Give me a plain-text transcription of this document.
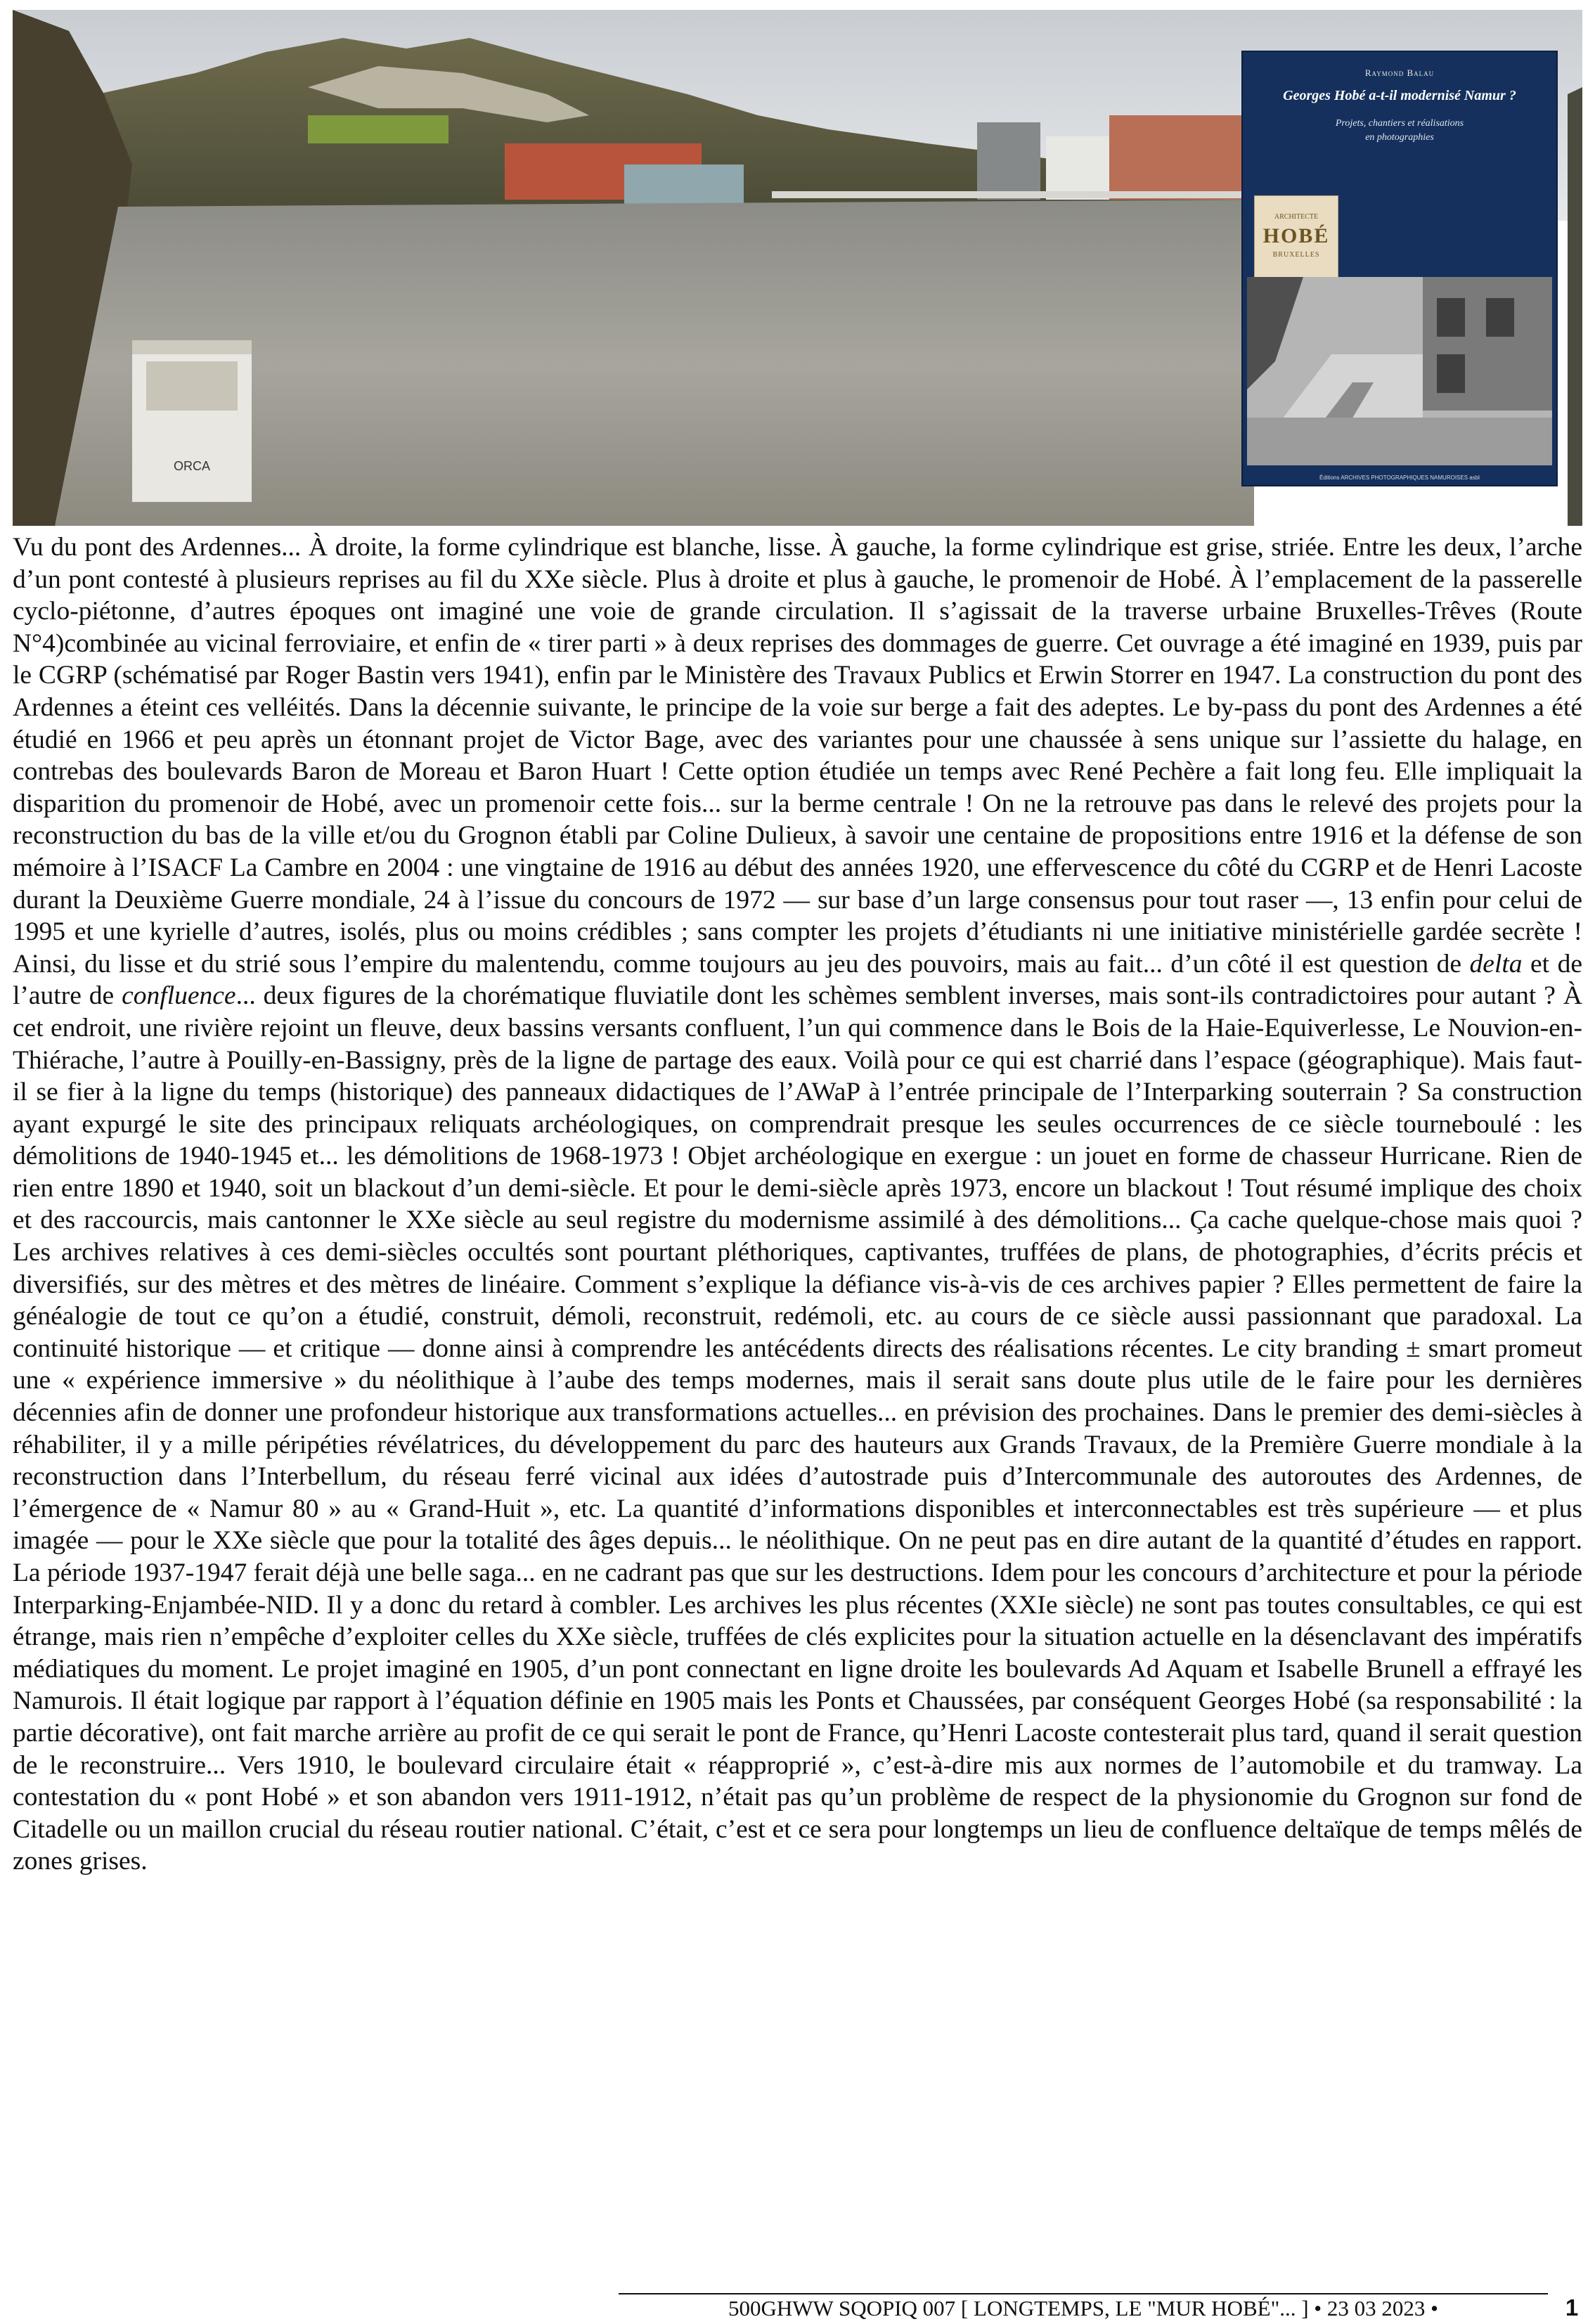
ORCA
Raymond Balau
Georges Hobé a-t-il modernisé Namur ?
Projets, chantiers et réalisations
en photographies
ARCHITECTE
HOBÉ
BRUXELLES
Éditions ARCHIVES PHOTOGRAPHIQUES NAMUROISES asbl

Vu du pont des Ardennes... À droite, la forme cylindrique est blanche, lisse. À gauche, la forme cylindrique est grise, striée. Entre les deux, l’arche d’un pont contesté à plusieurs reprises au fil du XXe siècle. Plus à droite et plus à gauche, le promenoir de Hobé. À l’emplacement de la passerelle cyclo-piétonne, d’autres époques ont imaginé une voie de grande circulation. Il s’agissait de la traverse urbaine Bruxelles-Trêves (Route N°4)combinée au vicinal ferroviaire, et enfin de « tirer parti » à deux reprises des dommages de guerre. Cet ouvrage a été imaginé en 1939, puis par le CGRP (schématisé par Roger Bastin vers 1941), enfin par le Ministère des Travaux Publics et Erwin Storrer en 1947. La construction du pont des Ardennes a éteint ces velléités. Dans la décennie suivante, le principe de la voie sur berge a fait des adeptes. Le by-pass du pont des Ardennes a été étudié en 1966 et peu après un étonnant projet de Victor Bage, avec des variantes pour une chaussée à sens unique sur l’assiette du halage, en contrebas des boulevards Baron de Moreau et Baron Huart ! Cette option étudiée un temps avec René Pechère a fait long feu. Elle impliquait la disparition du promenoir de Hobé, avec un promenoir cette fois... sur la berme centrale ! On ne la retrouve pas dans le relevé des projets pour la reconstruction du bas de la ville et/ou du Grognon établi par Coline Dulieux, à savoir une centaine de propositions entre 1916 et la défense de son mémoire à l’ISACF La Cambre en 2004 : une vingtaine de 1916 au début des années 1920, une effervescence du côté du CGRP et de Henri Lacoste durant la Deuxième Guerre mondiale, 24 à l’issue du concours de 1972 — sur base d’un large consensus pour tout raser —, 13 enfin pour celui de 1995 et une kyrielle d’autres, isolés, plus ou moins crédibles ; sans compter les projets d’étudiants ni une initiative ministérielle gardée secrète ! Ainsi, du lisse et du strié sous l’empire du malentendu, comme toujours au jeu des pouvoirs, mais au fait... d’un côté il est question de delta et de l’autre de confluence... deux figures de la chorématique fluviatile dont les schèmes semblent inverses, mais sont-ils contradictoires pour autant ? À cet endroit, une rivière rejoint un fleuve, deux bassins versants confluent, l’un qui commence dans le Bois de la Haie-Equiverlesse, Le Nouvion-en-Thiérache, l’autre à Pouilly-en-Bassigny, près de la ligne de partage des eaux. Voilà pour ce qui est charrié dans l’espace (géographique). Mais faut-il se fier à la ligne du temps (historique) des panneaux didactiques de l’AWaP à l’entrée principale de l’Interparking souterrain ? Sa construction ayant expurgé le site des principaux reliquats archéologiques, on comprendrait presque les seules occurrences de ce siècle tourneboulé : les démolitions de 1940-1945 et... les démolitions de 1968-1973 ! Objet archéologique en exergue : un jouet en forme de chasseur Hurricane. Rien de rien entre 1890 et 1940, soit un blackout d’un demi-siècle. Et pour le demi-siècle après 1973, encore un blackout ! Tout résumé implique des choix et des raccourcis, mais cantonner le XXe siècle au seul registre du modernisme assimilé à des démolitions... Ça cache quelque-chose mais quoi ? Les archives relatives à ces demi-siècles occultés sont pourtant pléthoriques, captivantes, truffées de plans, de photographies, d’écrits précis et diversifiés, sur des mètres et des mètres de linéaire. Comment s’explique la défiance vis-à-vis de ces archives papier ? Elles permettent de faire la généalogie de tout ce qu’on a étudié, construit, démoli, reconstruit, redémoli, etc. au cours de ce siècle aussi passionnant que paradoxal. La continuité historique — et critique — donne ainsi à comprendre les antécédents directs des réalisations récentes. Le city branding ± smart promeut une « expérience immersive » du néolithique à l’aube des temps modernes, mais il serait sans doute plus utile de le faire pour les dernières décennies afin de donner une profondeur historique aux transformations actuelles... en prévision des prochaines. Dans le premier des demi-siècles à réhabiliter, il y a mille péripéties révélatrices, du développement du parc des hauteurs aux Grands Travaux, de la Première Guerre mondiale à la reconstruction dans l’Interbellum, du réseau ferré vicinal aux idées d’autostrade puis d’Intercommunale des autoroutes des Ardennes, de l’émergence de « Namur 80 » au « Grand-Huit », etc. La quantité d’informations disponibles et interconnectables est très supérieure — et plus imagée — pour le XXe siècle que pour la totalité des âges depuis... le néolithique. On ne peut pas en dire autant de la quantité d’études en rapport. La période 1937-1947 ferait déjà une belle saga... en ne cadrant pas que sur les destructions. Idem pour les concours d’architecture et pour la période Interparking-Enjambée-NID. Il y a donc du retard à combler. Les archives les plus récentes (XXIe siècle) ne sont pas toutes consultables, ce qui est étrange, mais rien n’empêche d’exploiter celles du XXe siècle, truffées de clés explicites pour la situation actuelle en la désenclavant des impératifs médiatiques du moment. Le projet imaginé en 1905, d’un pont connectant en ligne droite les boulevards Ad Aquam et Isabelle Brunell a effrayé les Namurois. Il était logique par rapport à l’équation définie en 1905 mais les Ponts et Chaussées, par conséquent Georges Hobé (sa responsabilité : la partie décorative), ont fait marche arrière au profit de ce qui serait le pont de France, qu’Henri Lacoste contesterait plus tard, quand il serait question de le reconstruire... Vers 1910, le boulevard circulaire était « réapproprié », c’est-à-dire mis aux normes de l’automobile et du tramway. La contestation du « pont Hobé » et son abandon vers 1911-1912, n’était pas qu’un problème de respect de la physionomie du Grognon sur fond de Citadelle ou un maillon crucial du réseau routier national. C’était, c’est et ce sera pour longtemps un lieu de confluence deltaïque de temps mêlés de zones grises.

500GHWW SQOPIQ 007 [ LONGTEMPS, LE "MUR HOBÉ"... ] • 23 03 2023 •	1
